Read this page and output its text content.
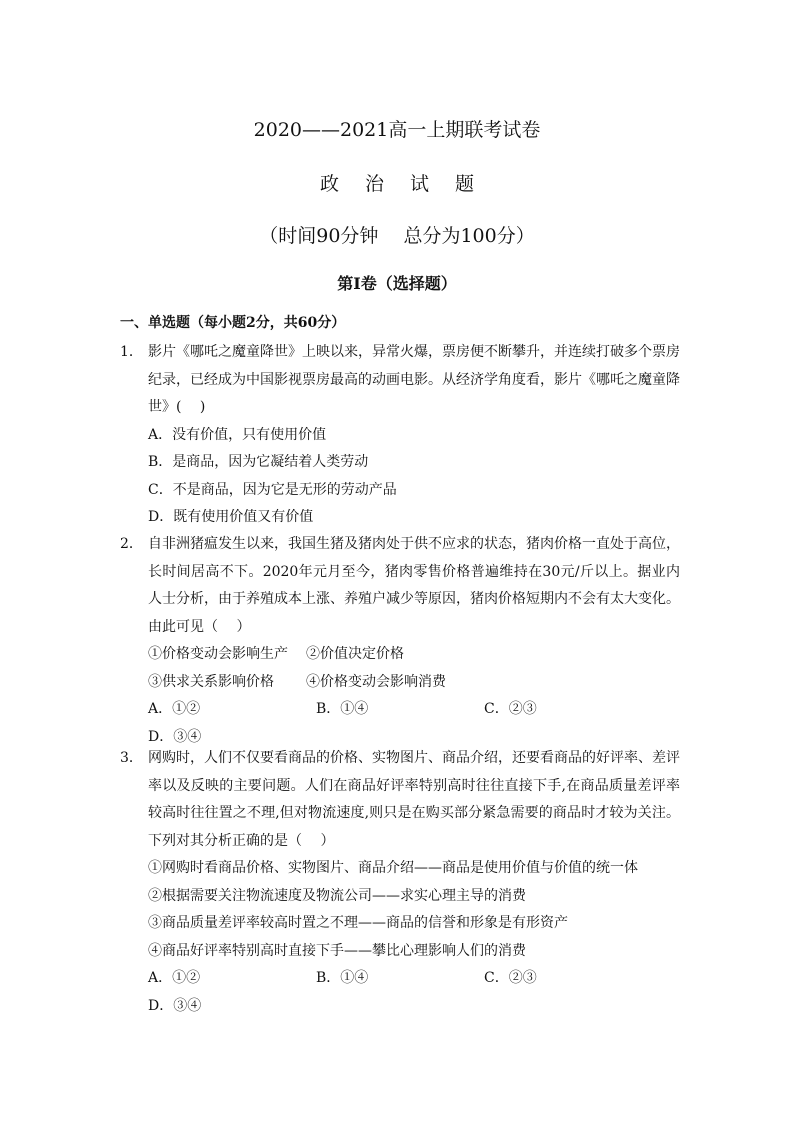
2020——2021高一上期联考试卷
政治试题
（时间90分钟　 总分为100分）
第Ⅰ卷（选择题）
一、单选题（每小题2分，共60分）
1． 影片《哪吒之魔童降世》上映以来，异常火爆，票房便不断攀升，并连续打破多个票房纪录，已经成为中国影视票房最高的动画电影。从经济学角度看，影片《哪吒之魔童降世》(　 )
A．没有价值，只有使用价值
B．是商品，因为它凝结着人类劳动
C．不是商品，因为它是无形的劳动产品
D．既有使用价值又有价值
2． 自非洲猪瘟发生以来，我国生猪及猪肉处于供不应求的状态，猪肉价格一直处于高位，长时间居高不下。2020年元月至今，猪肉零售价格普遍维持在30元/斤以上。据业内人士分析，由于养殖成本上涨、养殖户减少等原因，猪肉价格短期内不会有太大变化。由此可见（　 ）
①价格变动会影响生产	②价值决定价格
③供求关系影响价格	④价格变动会影响消费
A．①②	B．①④	C．②③
D．③④
3． 网购时，人们不仅要看商品的价格、实物图片、商品介绍，还要看商品的好评率、差评率以及反映的主要问题。人们在商品好评率特别高时往往直接下手,在商品质量差评率较高时往往置之不理,但对物流速度,则只是在购买部分紧急需要的商品时才较为关注。下列对其分析正确的是（　 ）
①网购时看商品价格、实物图片、商品介绍——商品是使用价值与价值的统一体
②根据需要关注物流速度及物流公司——求实心理主导的消费
③商品质量差评率较高时置之不理——商品的信誉和形象是有形资产
④商品好评率特别高时直接下手——攀比心理影响人们的消费
A．①②	B．①④	C．②③
D．③④
